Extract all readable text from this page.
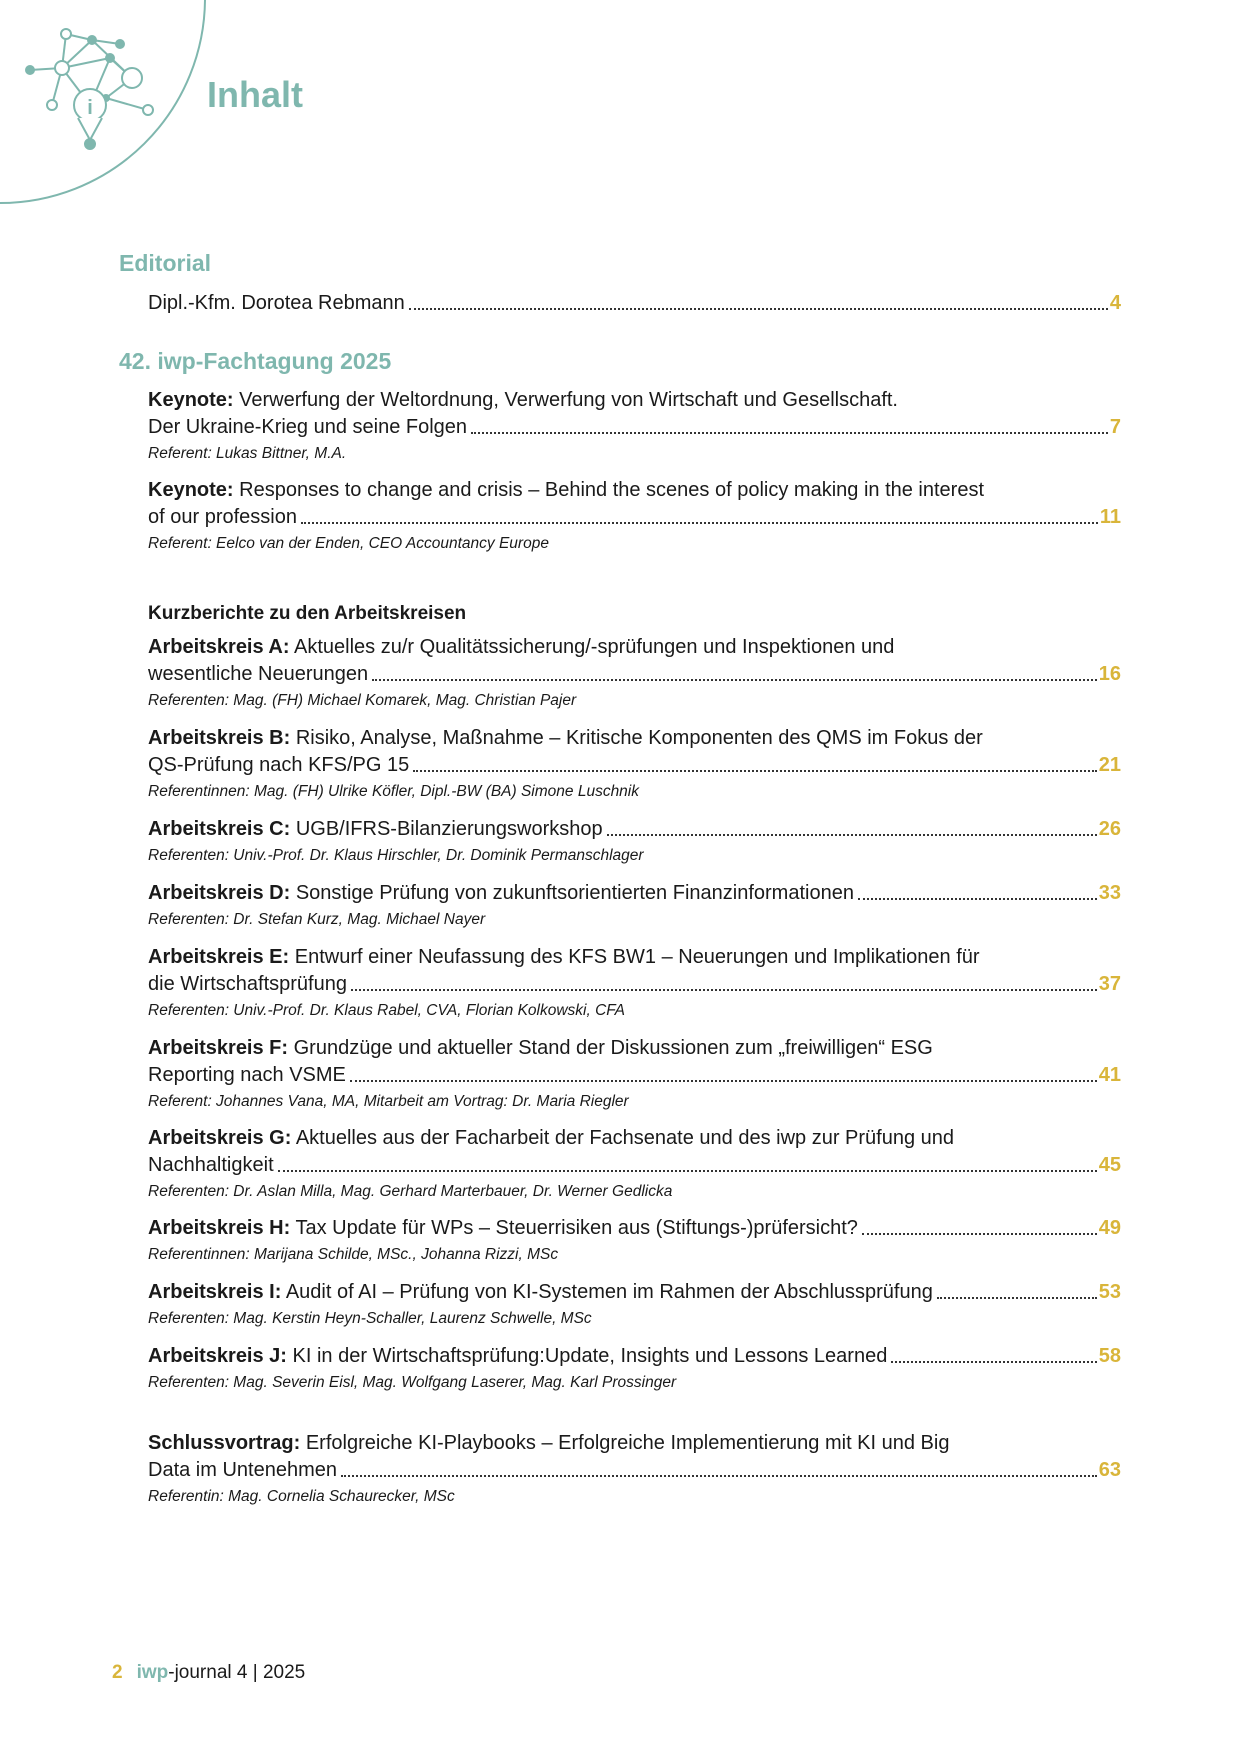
i	Inhalt
Editorial
Dipl.-Kfm. Dorotea Rebmann	4
42. iwp-Fachtagung 2025
Keynote: Verwerfung der Weltordnung, Verwerfung von Wirtschaft und Gesellschaft.
Der Ukraine-Krieg und seine Folgen	7
Referent: Lukas Bittner, M.A.
Keynote: Responses to change and crisis – Behind the scenes of policy making in the interest
of our profession	11
Referent: Eelco van der Enden, CEO Accountancy Europe
Kurzberichte zu den Arbeitskreisen
Arbeitskreis A: Aktuelles zu/r Qualitätssicherung/-sprüfungen und Inspektionen und
wesentliche Neuerungen	16
Referenten: Mag. (FH) Michael Komarek, Mag. Christian Pajer
Arbeitskreis B: Risiko, Analyse, Maßnahme – Kritische Komponenten des QMS im Fokus der
QS-Prüfung nach KFS/PG 15	21
Referentinnen: Mag. (FH) Ulrike Köfler, Dipl.-BW (BA) Simone Luschnik
Arbeitskreis C: UGB/IFRS-Bilanzierungsworkshop	26
Referenten: Univ.-Prof. Dr. Klaus Hirschler, Dr. Dominik Permanschlager
Arbeitskreis D: Sonstige Prüfung von zukunftsorientierten Finanzinformationen	33
Referenten: Dr. Stefan Kurz, Mag. Michael Nayer
Arbeitskreis E: Entwurf einer Neufassung des KFS BW1 – Neuerungen und Implikationen für
die Wirtschaftsprüfung	37
Referenten: Univ.-Prof. Dr. Klaus Rabel, CVA, Florian Kolkowski, CFA
Arbeitskreis F: Grundzüge und aktueller Stand der Diskussionen zum „freiwilligen“ ESG
Reporting nach VSME	41
Referent: Johannes Vana, MA, Mitarbeit am Vortrag: Dr. Maria Riegler
Arbeitskreis G: Aktuelles aus der Facharbeit der Fachsenate und des iwp zur Prüfung und
Nachhaltigkeit	45
Referenten: Dr. Aslan Milla, Mag. Gerhard Marterbauer, Dr. Werner Gedlicka
Arbeitskreis H: Tax Update für WPs – Steuerrisiken aus (Stiftungs-)prüfersicht?	49
Referentinnen: Marijana Schilde, MSc., Johanna Rizzi, MSc
Arbeitskreis I: Audit of AI – Prüfung von KI-Systemen im Rahmen der Abschlussprüfung	53
Referenten: Mag. Kerstin Heyn-Schaller, Laurenz Schwelle, MSc
Arbeitskreis J: KI in der Wirtschaftsprüfung:Update, Insights und Lessons Learned	58
Referenten: Mag. Severin Eisl, Mag. Wolfgang Laserer, Mag. Karl Prossinger
Schlussvortrag: Erfolgreiche KI-Playbooks – Erfolgreiche Implementierung mit KI und Big
Data im Untenehmen	63
Referentin: Mag. Cornelia Schaurecker, MSc
2 iwp-journal 4 | 2025
